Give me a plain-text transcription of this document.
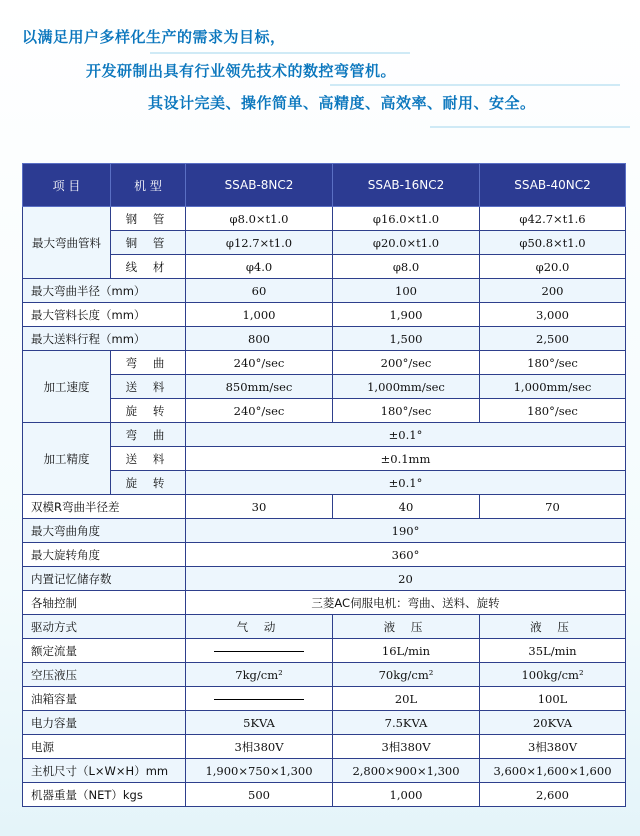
以满足用户多样化生产的需求为目标，

开发研制出具有行业领先技术的数控弯管机。

其设计完美、操作简单、高精度、高效率、耐用、安全。

项 目	机 型	SSAB-8NC2	SSAB-16NC2	SSAB-40NC2
最大弯曲管料	钢 管	φ8.0×t1.0	φ16.0×t1.0	φ42.7×t1.6
	铜 管	φ12.7×t1.0	φ20.0×t1.0	φ50.8×t1.0
	线 材	φ4.0	φ8.0	φ20.0
最大弯曲半径（mm）		60	100	200
最大管料长度（mm）		1,000	1,900	3,000
最大送料行程（mm）		800	1,500	2,500
加工速度	弯 曲	240°/sec	200°/sec	180°/sec
	送 料	850mm/sec	1,000mm/sec	1,000mm/sec
	旋 转	240°/sec	180°/sec	180°/sec
加工精度	弯 曲	±0.1°		
	送 料	±0.1mm		
	旋 转	±0.1°		
双模R弯曲半径差		30	40	70
最大弯曲角度		190°		
最大旋转角度		360°		
内置记忆储存数		20		
各轴控制		三菱AC伺服电机：弯曲、送料、旋转		
驱动方式		气 动	液 压	液 压
额定流量			16L/min	35L/min
空压液压		7kg/cm²	70kg/cm²	100kg/cm²
油箱容量			20L	100L
电力容量		5KVA	7.5KVA	20KVA
电源		3相380V	3相380V	3相380V
主机尺寸（L×W×H）mm		1,900×750×1,300	2,800×900×1,300	3,600×1,600×1,600
机器重量（NET）kgs		500	1,000	2,600
